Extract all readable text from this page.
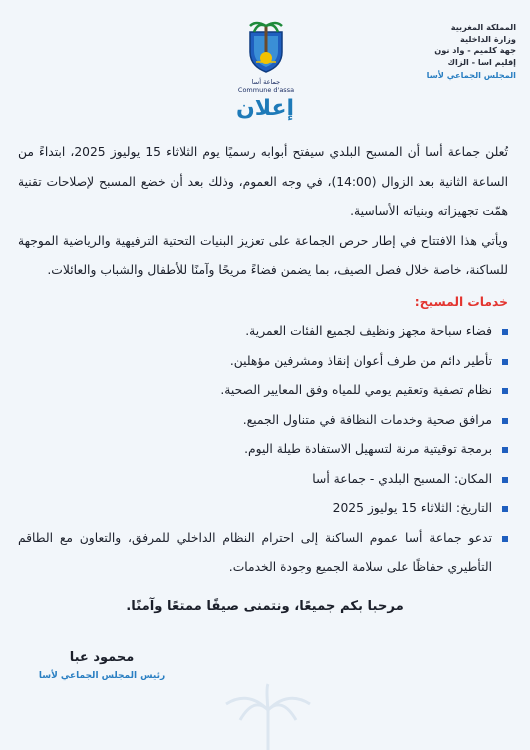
المملكة المغربية
وزارة الداخلية
جهة كلميم - واد نون
إقليم اسا - الزاك
المجلس الجماعي لأسا
جماعة أسا
Commune d'assa
إعلان

تُعلن جماعة أسا أن المسبح البلدي سيفتح أبوابه رسميًا يوم الثلاثاء 15 يوليوز 2025، ابتداءً من الساعة الثانية بعد الزوال (14:00)، في وجه العموم، وذلك بعد أن خضع المسبح لإصلاحات تقنية همّت تجهيزاته وبنياته الأساسية.

ويأتي هذا الافتتاح في إطار حرص الجماعة على تعزيز البنيات التحتية الترفيهية والرياضية الموجهة للساكنة، خاصة خلال فصل الصيف، بما يضمن فضاءً مريحًا وآمنًا للأطفال والشباب والعائلات.

خدمات المسبح:

فضاء سباحة مجهز ونظيف لجميع الفئات العمرية.
تأطير دائم من طرف أعوان إنقاذ ومشرفين مؤهلين.
نظام تصفية وتعقيم يومي للمياه وفق المعايير الصحية.
مرافق صحية وخدمات النظافة في متناول الجميع.
برمجة توقيتية مرنة لتسهيل الاستفادة طيلة اليوم.
المكان: المسبح البلدي - جماعة أسا
التاريخ: الثلاثاء 15 يوليوز 2025
تدعو جماعة أسا عموم الساكنة إلى احترام النظام الداخلي للمرفق، والتعاون مع الطاقم التأطيري حفاظًا على سلامة الجميع وجودة الخدمات.
مرحبا بكم جميعًا، ونتمنى صيفًا ممتعًا وآمنًا.
محمود عبا
رئيس المجلس الجماعي لأسا
